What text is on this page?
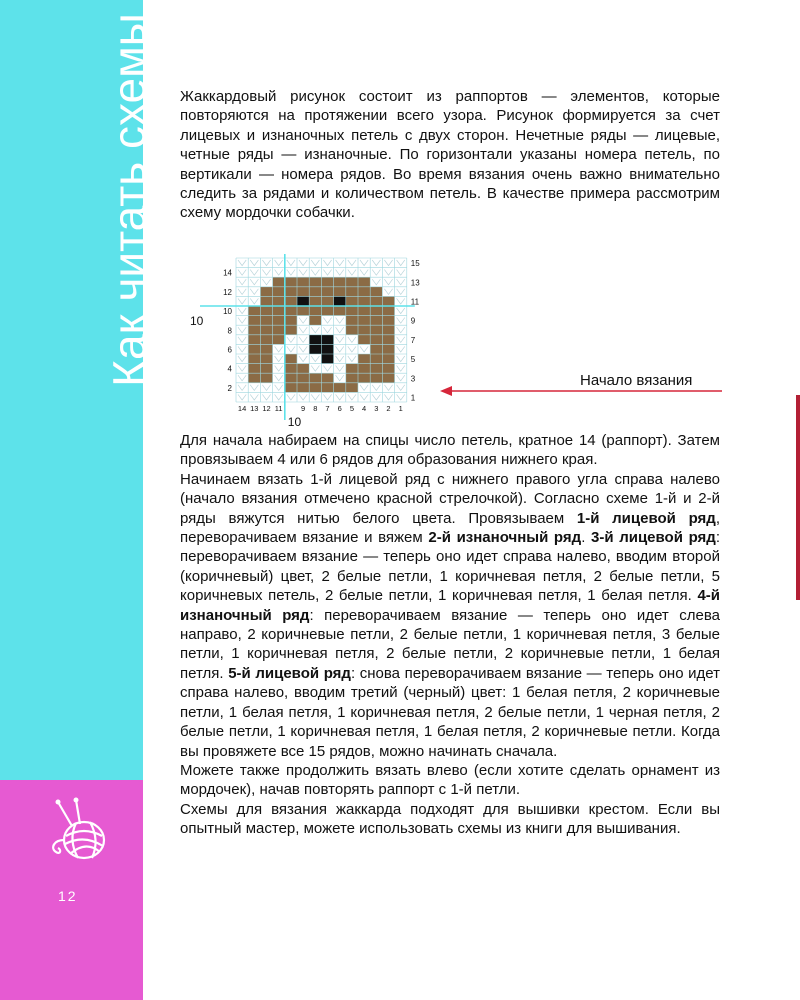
Как читать схемы
12

Жаккардовый рисунок состоит из раппортов — элементов, которые повторяются на протяжении всего узора. Рисунок формируется за счет лицевых и изнаночных петель с двух сторон. Нечетные ряды — лицевые, четные ряды — изнаночные. По горизонтали указаны номера петель, по вертикали — номера рядов. Во время вязания очень важно внимательно следить за рядами и количеством петель. В качестве примера рассмотрим схему мордочки собачки.

14
12
10
8
6
4
2
15
13
11
9
7
5
3
1
14 13 12 11 9 8 7 6 5 4 3 2 1
10
10
Начало вязания

Для начала набираем на спицы число петель, кратное 14 (раппорт). Затем провязываем 4 или 6 рядов для образования нижнего края.

Начинаем вязать 1-й лицевой ряд с нижнего правого угла справа налево (начало вязания отмечено красной стрелочкой). Согласно схеме 1-й и 2-й ряды вяжутся нитью белого цвета. Провязываем 1-й лицевой ряд, переворачиваем вязание и вяжем 2-й изнаночный ряд. 3-й лицевой ряд: переворачиваем вязание — теперь оно идет справа налево, вводим второй (коричневый) цвет, 2 белые петли, 1 коричневая петля, 2 белые петли, 5 коричневых петель, 2 белые петли, 1 коричневая петля, 1 белая петля. 4-й изнаночный ряд: переворачиваем вязание — теперь оно идет слева направо, 2 коричневые петли, 2 белые петли, 1 коричневая петля, 3 белые петли, 1 коричневая петля, 2 белые петли, 2 коричневые петли, 1 белая петля. 5-й лицевой ряд: снова переворачиваем вязание — теперь оно идет справа налево, вводим третий (черный) цвет: 1 белая петля, 2 коричневые петли, 1 белая петля, 1 коричневая петля, 2 белые петли, 1 черная петля, 2 белые петли, 1 коричневая петля, 1 белая петля, 2 коричневые петли. Когда вы провяжете все 15 рядов, можно начинать сначала.

Можете также продолжить вязать влево (если хотите сделать орнамент из мордочек), начав повторять раппорт с 1-й петли.

Схемы для вязания жаккарда подходят для вышивки крестом. Если вы опытный мастер, можете использовать схемы из книги для вышивания.
